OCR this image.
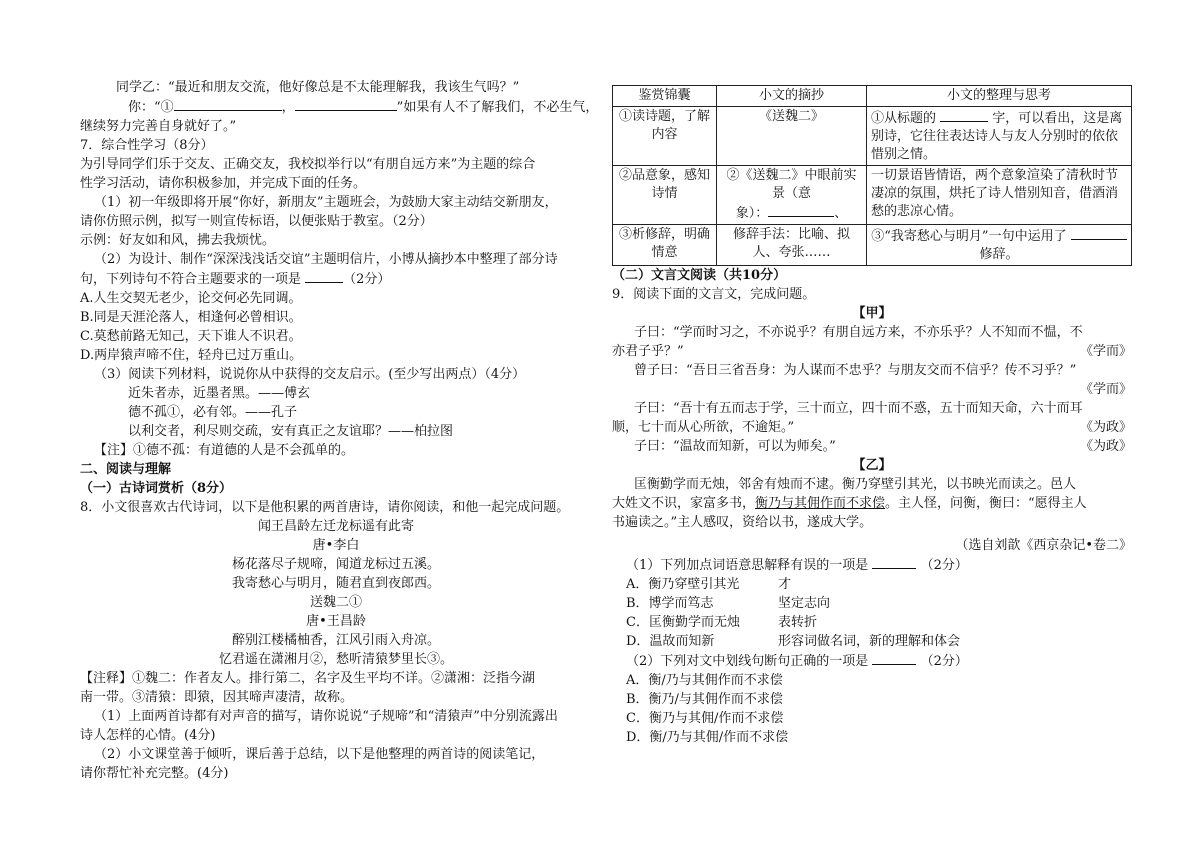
同学乙：“最近和朋友交流，他好像总是不太能理解我，我该生气吗？”
你：“①	，	”如果有人不了解我们，不必生气，
继续努力完善自身就好了。”
7．综合性学习（8分）
为引导同学们乐于交友、正确交友，我校拟举行以“有朋自远方来”为主题的综合
性学习活动，请你积极参加，并完成下面的任务。
（1）初一年级即将开展“你好，新朋友”主题班会，为鼓励大家主动结交新朋友，
请你仿照示例，拟写一则宣传标语，以便张贴于教室。（2分）
示例：好友如和风，拂去我烦忧。
（2）为设计、制作“深深浅浅话交谊”主题明信片，小博从摘抄本中整理了部分诗
句，下列诗句不符合主题要求的一项是	（2分）
A.人生交契无老少，论交何必先同调。
B.同是天涯沦落人，相逢何必曾相识。
C.莫愁前路无知己，天下谁人不识君。
D.两岸猿声啼不住，轻舟已过万重山。
（3）阅读下列材料，说说你从中获得的交友启示。(至少写出两点）（4分）
近朱者赤，近墨者黑。——傅玄
德不孤①，必有邻。——孔子
以利交者，利尽则交疏，安有真正之友谊耶？——柏拉图
【注】①德不孤：有道德的人是不会孤单的。
二、阅读与理解
（一）古诗词赏析（8分）
8．小文很喜欢古代诗词，以下是他积累的两首唐诗，请你阅读，和他一起完成问题。
闻王昌龄左迁龙标遥有此寄
唐•李白
杨花落尽子规啼，闻道龙标过五溪。
我寄愁心与明月，随君直到夜郎西。
送魏二①
唐•王昌龄
醉别江楼橘柚香，江风引雨入舟凉。
忆君遥在潇湘月②，愁听清猿梦里长③。
【注释】①魏二：作者友人。排行第二，名字及生平均不详。②潇湘：泛指今湖
南一带。③清猿：即猿，因其啼声凄清，故称。
（1）上面两首诗都有对声音的描写，请你说说“子规啼”和“清猿声”中分别流露出
诗人怎样的心情。(4分)
（2）小文课堂善于倾听，课后善于总结，以下是他整理的两首诗的阅读笔记，
请你帮忙补充完整。(4分)
鉴赏锦囊	小文的摘抄	小文的整理与思考
①读诗题，了解内容	《送魏二》	①从标题的 字，可以看出，这是离别诗，它往往表达诗人与友人分别时的依依惜别之情。
②品意象，感知诗情	②《送魏二》中眼前实景（意
象）： 、	一切景语皆情语，两个意象渲染了清秋时节凄凉的氛围，烘托了诗人惜别知音，借酒消愁的悲凉心情。
③析修辞，明确情意	修辞手法：比喻、拟人、夸张……	③“我寄愁心与明月”一句中运用了  修辞。
（二）文言文阅读（共10分）
9．阅读下面的文言文，完成问题。
【甲】
子曰：“学而时习之，不亦说乎？有朋自远方来，不亦乐乎？人不知而不愠，不
亦君子乎？”	《学而》
曾子曰：“吾日三省吾身：为人谋而不忠乎？与朋友交而不信乎？传不习乎？”
《学而》
子曰：“吾十有五而志于学，三十而立，四十而不惑，五十而知天命，六十而耳
顺，七十而从心所欲，不逾矩。”	《为政》
子曰：“温故而知新，可以为师矣。”	《为政》
【乙】
匡衡勤学而无烛，邻舍有烛而不逮。衡乃穿壁引其光，以书映光而读之。邑人
大姓文不识，家富多书，衡乃与其佣作而不求偿。主人怪，问衡，衡曰：“愿得主人
书遍读之。”主人感叹，资给以书，遂成大学。
（选自刘歆《西京杂记•卷二》
（1）下列加点词语意思解释有误的一项是	（2分）
A．衡乃穿壁引其光	才
B．博学而笃志	坚定志向
C．匡衡勤学而无烛	表转折
D．温故而知新	形容词做名词，新的理解和体会
（2）下列对文中划线句断句正确的一项是	（2分）
A．衡/乃与其佣作而不求偿
B．衡乃/与其佣作而不求偿
C．衡乃与其佣/作而不求偿
D．衡/乃与其佣/作而不求偿
